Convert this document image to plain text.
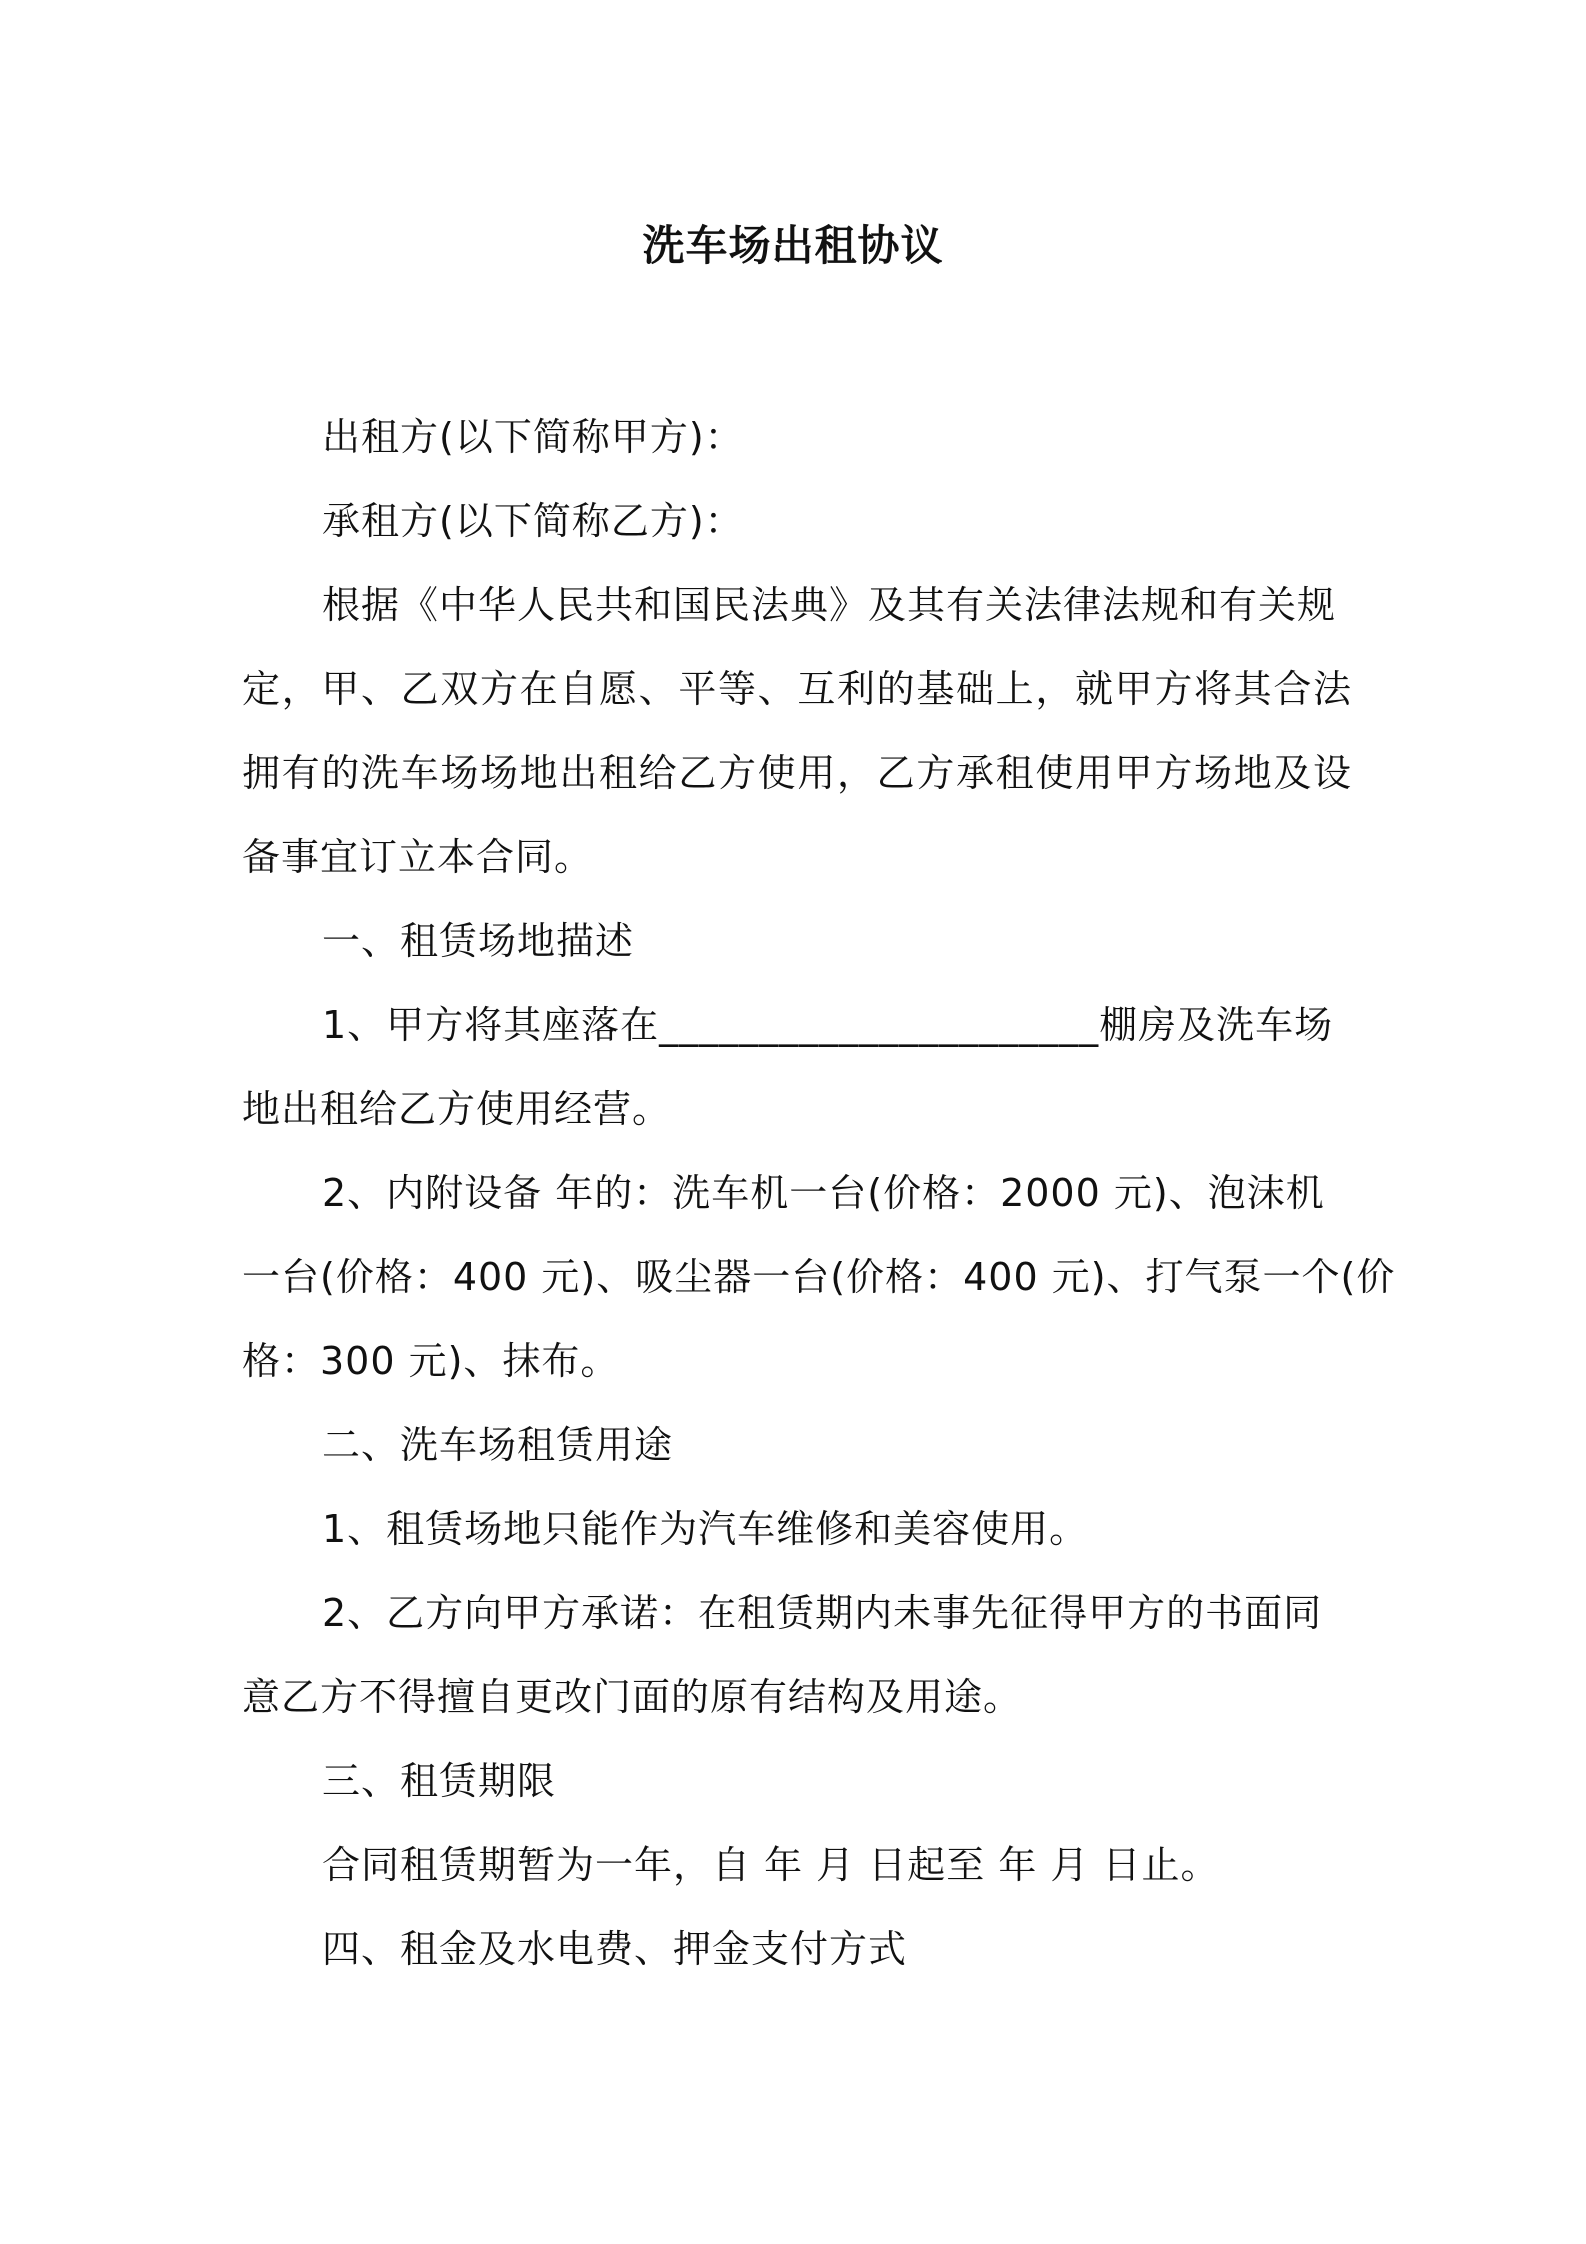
洗车场出租协议
出租方(以下简称甲方)：
承租方(以下简称乙方)：
根据《中华人民共和国民法典》及其有关法律法规和有关规
定，甲、乙双方在自愿、平等、互利的基础上，就甲方将其合法
拥有的洗车场场地出租给乙方使用，乙方承租使用甲方场地及设
备事宜订立本合同。
一、租赁场地描述
1、甲方将其座落在______________________棚房及洗车场
地出租给乙方使用经营。
2、内附设备 年的：洗车机一台(价格：2000 元)、泡沫机
一台(价格：400 元)、吸尘器一台(价格：400 元)、打气泵一个(价
格：300 元)、抹布。
二、洗车场租赁用途
1、租赁场地只能作为汽车维修和美容使用。
2、乙方向甲方承诺：在租赁期内未事先征得甲方的书面同
意乙方不得擅自更改门面的原有结构及用途。
三、租赁期限
合同租赁期暂为一年，自 年 月 日起至 年 月 日止。
四、租金及水电费、押金支付方式
